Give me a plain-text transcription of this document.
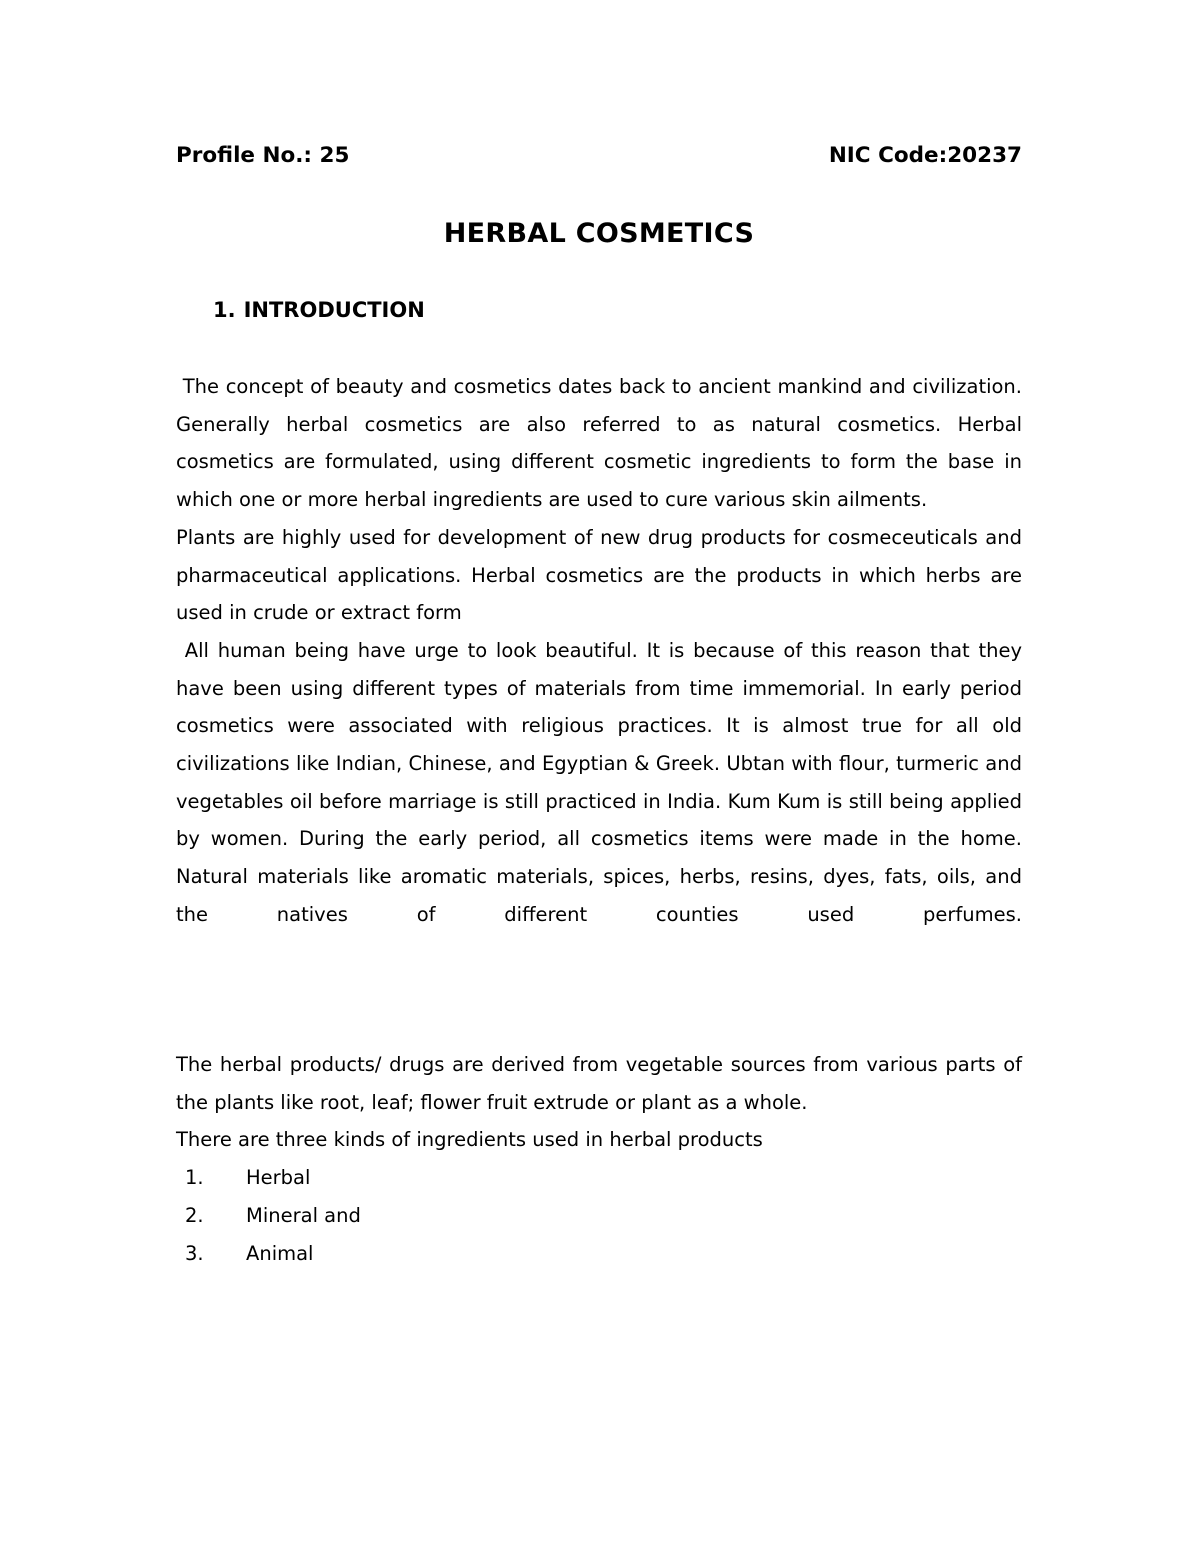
Profile No.: 25	NIC Code:20237
HERBAL COSMETICS
1. INTRODUCTION

The concept of beauty and cosmetics dates back to ancient mankind and civilization. Generally herbal cosmetics are also referred to as natural cosmetics. Herbal cosmetics are formulated, using different cosmetic ingredients to form the base in which one or more herbal ingredients are used to cure various skin ailments.

Plants are highly used for development of new drug products for cosmeceuticals and pharmaceutical applications. Herbal cosmetics are the products in which herbs are used in crude or extract form

All human being have urge to look beautiful. It is because of this reason that they have been using different types of materials from time immemorial. In early period cosmetics were associated with religious practices. It is almost true for all old civilizations like Indian, Chinese, and Egyptian & Greek. Ubtan with flour, turmeric and vegetables oil before marriage is still practiced in India. Kum Kum is still being applied by women. During the early period, all cosmetics items were made in the home. Natural materials like aromatic materials, spices, herbs, resins, dyes, fats, oils, and the natives of different counties used perfumes.

The herbal products/ drugs are derived from vegetable sources from various parts of the plants like root, leaf; flower fruit extrude or plant as a whole.

There are three kinds of ingredients used in herbal products

1. Herbal
2. Mineral and
3. Animal
